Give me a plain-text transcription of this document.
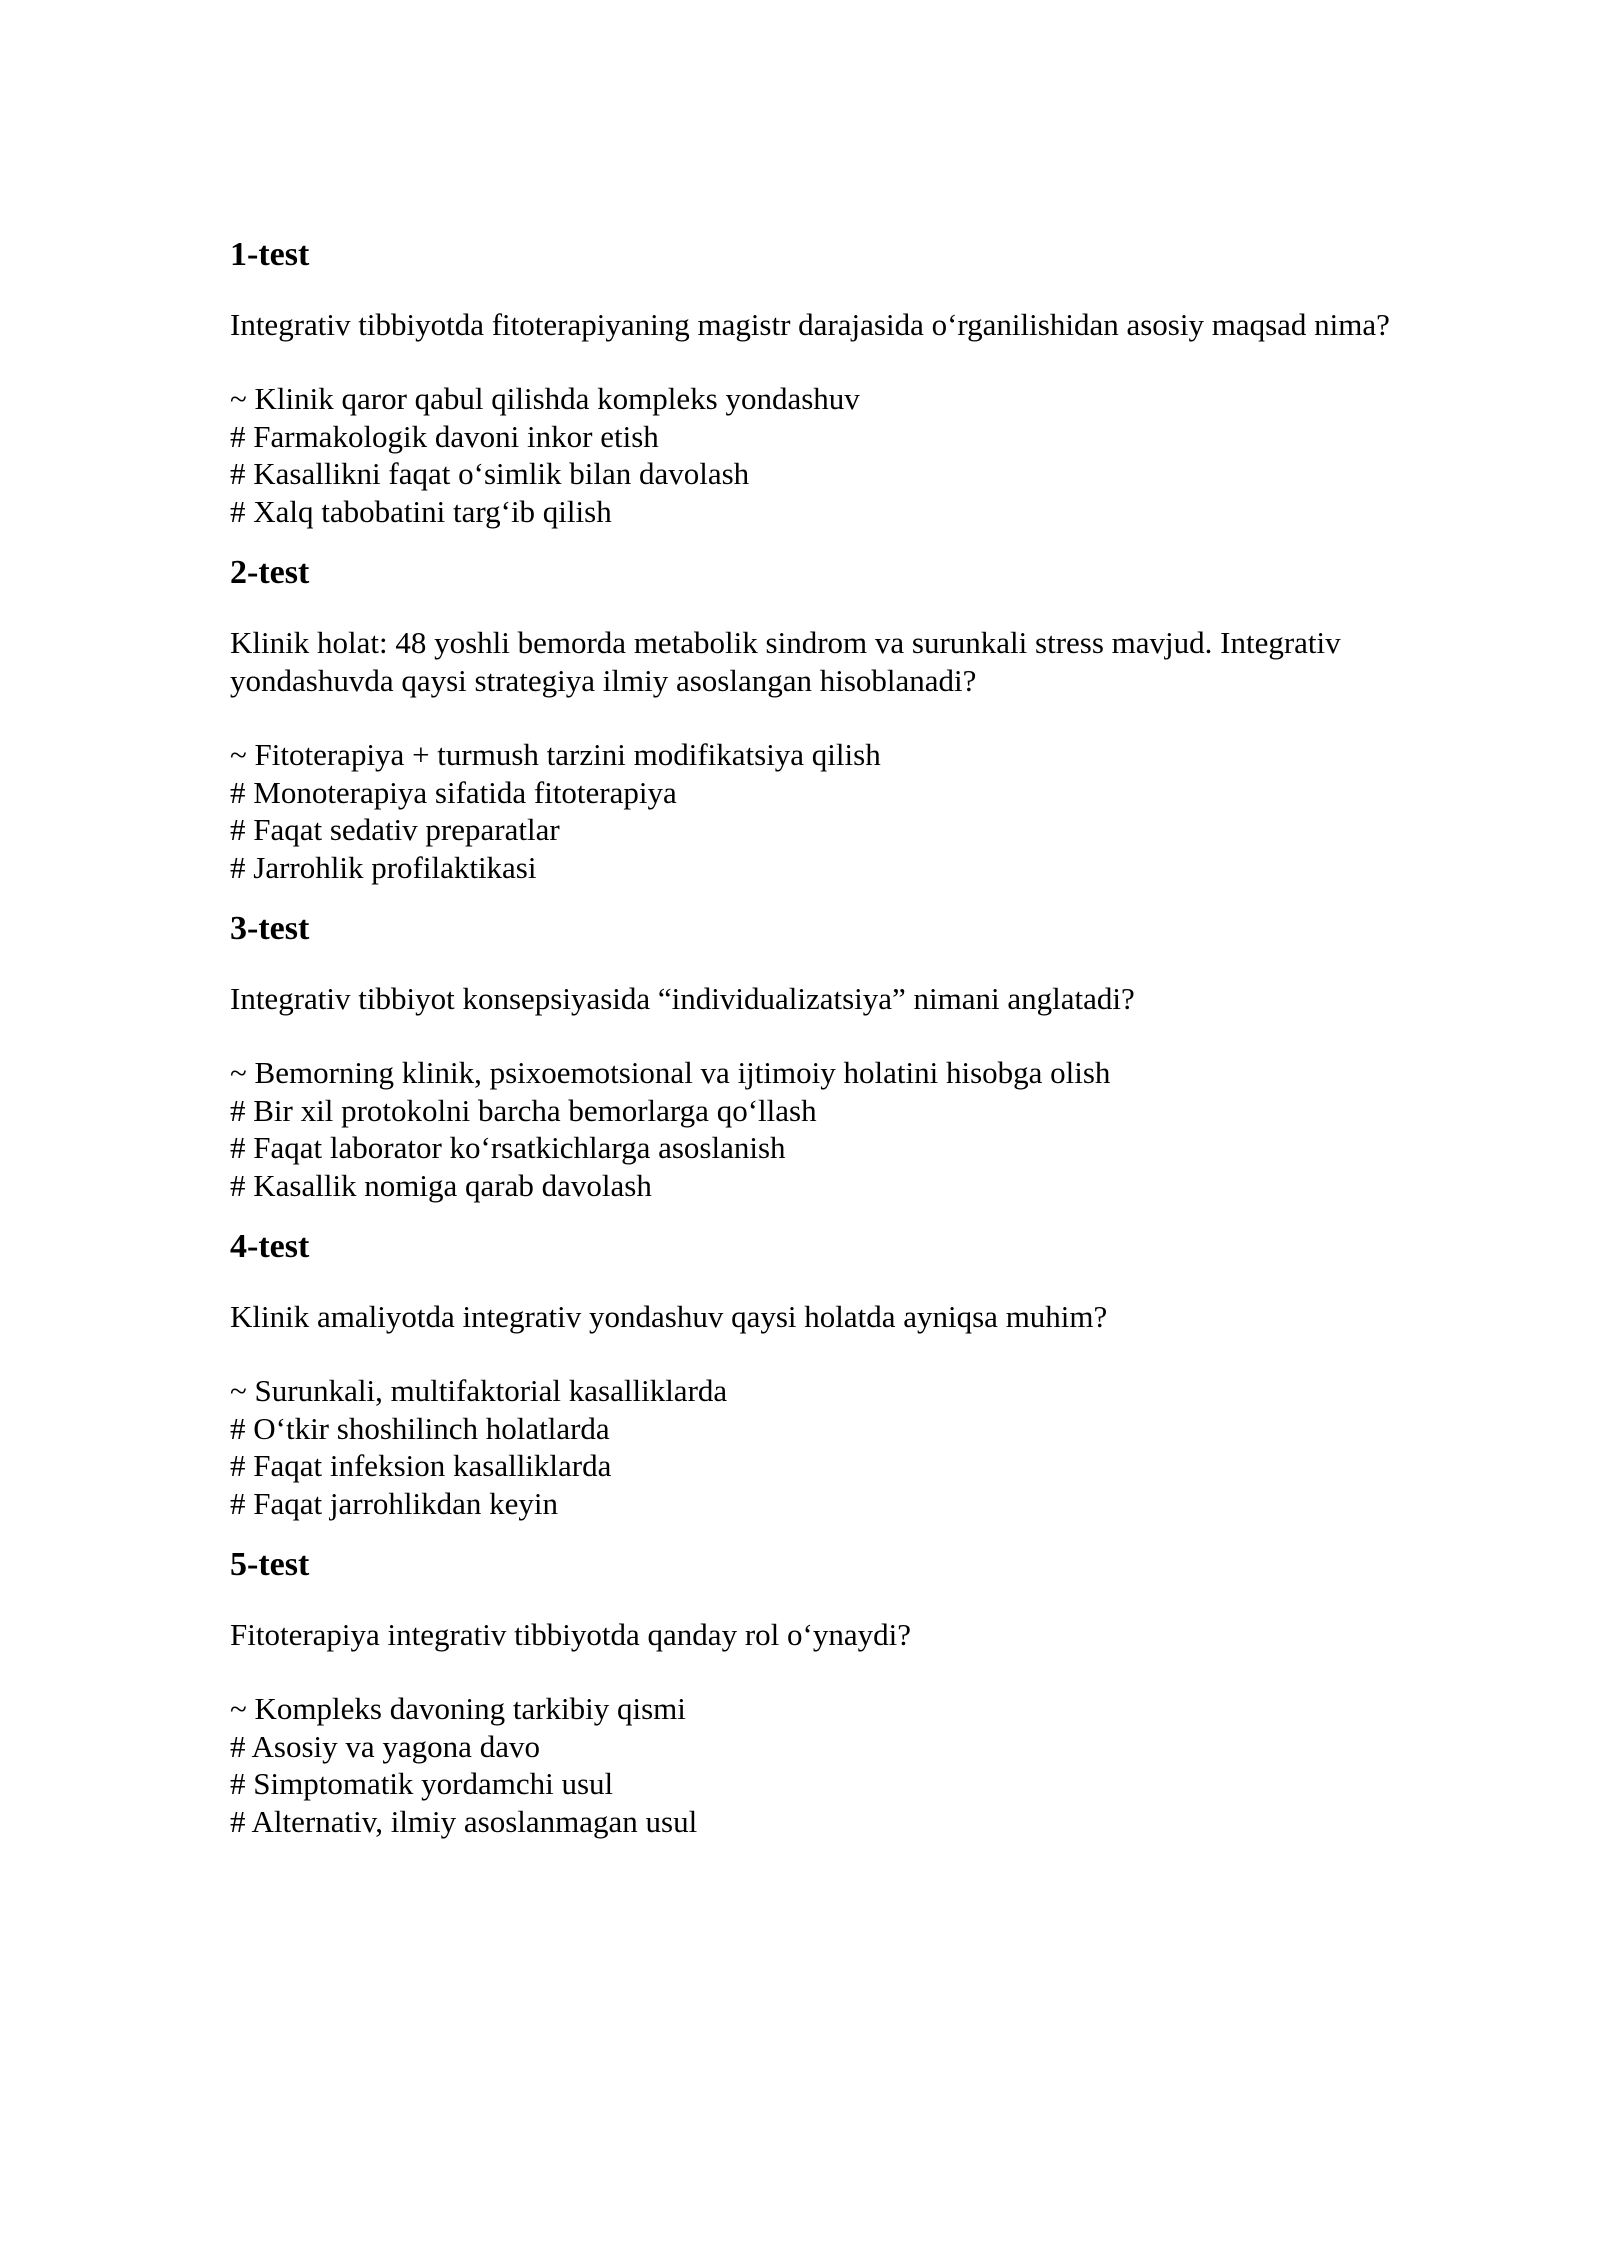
1-test

Integrativ tibbiyotda fitoterapiyaning magistr darajasida o‘rganilishidan asosiy maqsad nima?

~ Klinik qaror qabul qilishda kompleks yondashuv
# Farmakologik davoni inkor etish
# Kasallikni faqat o‘simlik bilan davolash
# Xalq tabobatini targ‘ib qilish
2-test

Klinik holat: 48 yoshli bemorda metabolik sindrom va surunkali stress mavjud. Integrativ yondashuvda qaysi strategiya ilmiy asoslangan hisoblanadi?

~ Fitoterapiya + turmush tarzini modifikatsiya qilish
# Monoterapiya sifatida fitoterapiya
# Faqat sedativ preparatlar
# Jarrohlik profilaktikasi
3-test

Integrativ tibbiyot konsepsiyasida “individualizatsiya” nimani anglatadi?

~ Bemorning klinik, psixoemotsional va ijtimoiy holatini hisobga olish
# Bir xil protokolni barcha bemorlarga qo‘llash
# Faqat laborator ko‘rsatkichlarga asoslanish
# Kasallik nomiga qarab davolash
4-test

Klinik amaliyotda integrativ yondashuv qaysi holatda ayniqsa muhim?

~ Surunkali, multifaktorial kasalliklarda
# O‘tkir shoshilinch holatlarda
# Faqat infeksion kasalliklarda
# Faqat jarrohlikdan keyin
5-test

Fitoterapiya integrativ tibbiyotda qanday rol o‘ynaydi?

~ Kompleks davoning tarkibiy qismi
# Asosiy va yagona davo
# Simptomatik yordamchi usul
# Alternativ, ilmiy asoslanmagan usul
